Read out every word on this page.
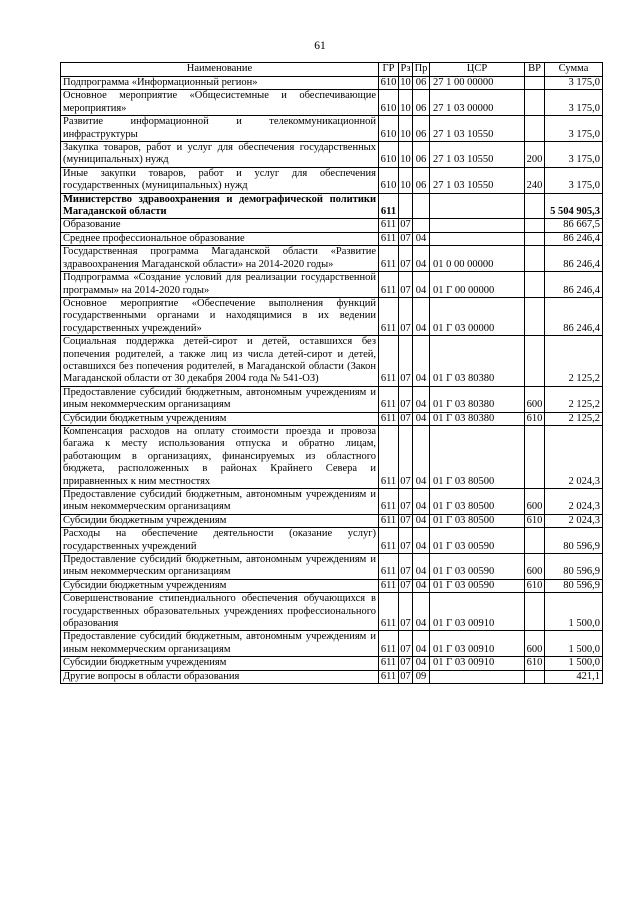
61
Наименование	ГР	Рз	Пр	ЦСР	ВР	Сумма
Подпрограмма «Информационный регион»	610	10	06	27 1 00 00000		3 175,0
Основное мероприятие «Общесистемные и обеспечивающие мероприятия»	610	10	06	27 1 03 00000		3 175,0
Развитие информационной и телекоммуникационной инфраструктуры	610	10	06	27 1 03 10550		3 175,0
Закупка товаров, работ и услуг для обеспечения государственных (муниципальных) нужд	610	10	06	27 1 03 10550	200	3 175,0
Иные закупки товаров, работ и услуг для обеспечения государственных (муниципальных) нужд	610	10	06	27 1 03 10550	240	3 175,0
Министерство здравоохранения и демографической политики Магаданской области	611					5 504 905,3
Образование	611	07				86 667,5
Среднее профессиональное образование	611	07	04			86 246,4
Государственная программа Магаданской области «Развитие здравоохранения Магаданской области» на 2014-2020 годы»	611	07	04	01 0 00 00000		86 246,4
Подпрограмма «Создание условий для реализации государственной программы» на 2014-2020 годы»	611	07	04	01 Г 00 00000		86 246,4
Основное мероприятие «Обеспечение выполнения функций государственными органами и находящимися в их ведении государственных учреждений»	611	07	04	01 Г 03 00000		86 246,4
Социальная поддержка детей-сирот и детей, оставшихся без попечения родителей, а также лиц из числа детей-сирот и детей, оставшихся без попечения родителей, в Магаданской области (Закон Магаданской области от 30 декабря 2004 года № 541-ОЗ)	611	07	04	01 Г 03 80380		2 125,2
Предоставление субсидий бюджетным, автономным учреждениям и иным некоммерческим организациям	611	07	04	01 Г 03 80380	600	2 125,2
Субсидии бюджетным учреждениям	611	07	04	01 Г 03 80380	610	2 125,2
Компенсация расходов на оплату стоимости проезда и провоза багажа к месту использования отпуска и обратно лицам, работающим в организациях, финансируемых из областного бюджета, расположенных в районах Крайнего Севера и приравненных к ним местностях	611	07	04	01 Г 03 80500		2 024,3
Предоставление субсидий бюджетным, автономным учреждениям и иным некоммерческим организациям	611	07	04	01 Г 03 80500	600	2 024,3
Субсидии бюджетным учреждениям	611	07	04	01 Г 03 80500	610	2 024,3
Расходы на обеспечение деятельности (оказание услуг) государственных учреждений	611	07	04	01 Г 03 00590		80 596,9
Предоставление субсидий бюджетным, автономным учреждениям и иным некоммерческим организациям	611	07	04	01 Г 03 00590	600	80 596,9
Субсидии бюджетным учреждениям	611	07	04	01 Г 03 00590	610	80 596,9
Совершенствование стипендиального обеспечения обучающихся в государственных образовательных учреждениях профессионального образования	611	07	04	01 Г 03 00910		1 500,0
Предоставление субсидий бюджетным, автономным учреждениям и иным некоммерческим организациям	611	07	04	01 Г 03 00910	600	1 500,0
Субсидии бюджетным учреждениям	611	07	04	01 Г 03 00910	610	1 500,0
Другие вопросы в области образования	611	07	09			421,1
